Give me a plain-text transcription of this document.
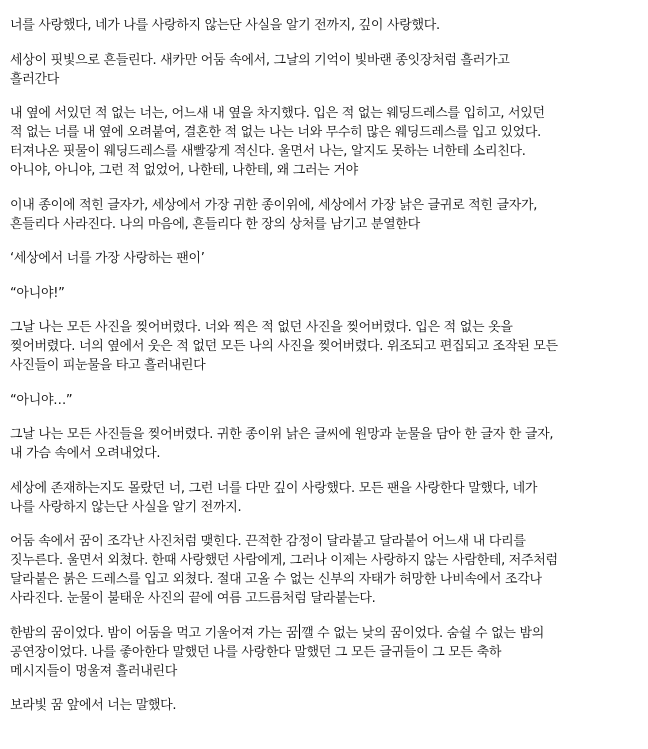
너를 사랑했다, 네가 나를 사랑하지 않는단 사실을 알기 전까지, 깊이 사랑했다.

세상이 핏빛으로 흔들린다. 새카만 어둠 속에서, 그날의 기억이 빛바랜 종잇장처럼 흘러가고
흘러간다

내 옆에 서있던 적 없는 너는, 어느새 내 옆을 차지했다. 입은 적 없는 웨딩드레스를 입히고, 서있던
적 없는 너를 내 옆에 오려붙여, 결혼한 적 없는 나는 너와 무수히 많은 웨딩드레스를 입고 있었다.
터져나온 핏물이 웨딩드레스를 새빨갛게 적신다. 울면서 나는, 알지도 못하는 너한테 소리친다.
아니야, 아니야, 그런 적 없었어, 나한테, 나한테, 왜 그러는 거야

이내 종이에 적힌 글자가, 세상에서 가장 귀한 종이위에, 세상에서 가장 낡은 글귀로 적힌 글자가,
흔들리다 사라진다. 나의 마음에, 흔들리다 한 장의 상처를 남기고 분열한다

‘세상에서 너를 가장 사랑하는 팬이’

“아니야!”

그날 나는 모든 사진을 찢어버렸다. 너와 찍은 적 없던 사진을 찢어버렸다. 입은 적 없는 옷을
찢어버렸다. 너의 옆에서 웃은 적 없던 모든 나의 사진을 찢어버렸다. 위조되고 편집되고 조작된 모든
사진들이 피눈물을 타고 흘러내린다

“아니야…”

그날 나는 모든 사진들을 찢어버렸다. 귀한 종이위 낡은 글씨에 원망과 눈물을 담아 한 글자 한 글자,
내 가슴 속에서 오려내었다.

세상에 존재하는지도 몰랐던 너, 그런 너를 다만 깊이 사랑했다. 모든 팬을 사랑한다 말했다, 네가
나를 사랑하지 않는단 사실을 알기 전까지.

어둠 속에서 꿈이 조각난 사진처럼 맺힌다. 끈적한 감정이 달라붙고 달라붙어 어느새 내 다리를
짓누른다. 울면서 외쳤다. 한때 사랑했던 사람에게, 그러나 이제는 사랑하지 않는 사람한테, 저주처럼
달라붙은 붉은 드레스를 입고 외쳤다. 절대 고올 수 없는 신부의 자태가 허망한 나비속에서 조각나
사라진다. 눈물이 불태운 사진의 끝에 여름 고드름처럼 달라붙는다.

한밤의 꿈이었다. 밤이 어둠을 먹고 기울어져 가는 꿈 깰 수 없는 낮의 꿈이었다. 숨쉴 수 없는 밤의
공연장이었다. 나를 좋아한다 말했던 나를 사랑한다 말했던 그 모든 글귀들이 그 모든 축하
메시지들이 멍울져 흘러내린다

보라빛 꿈 앞에서 너는 말했다.
